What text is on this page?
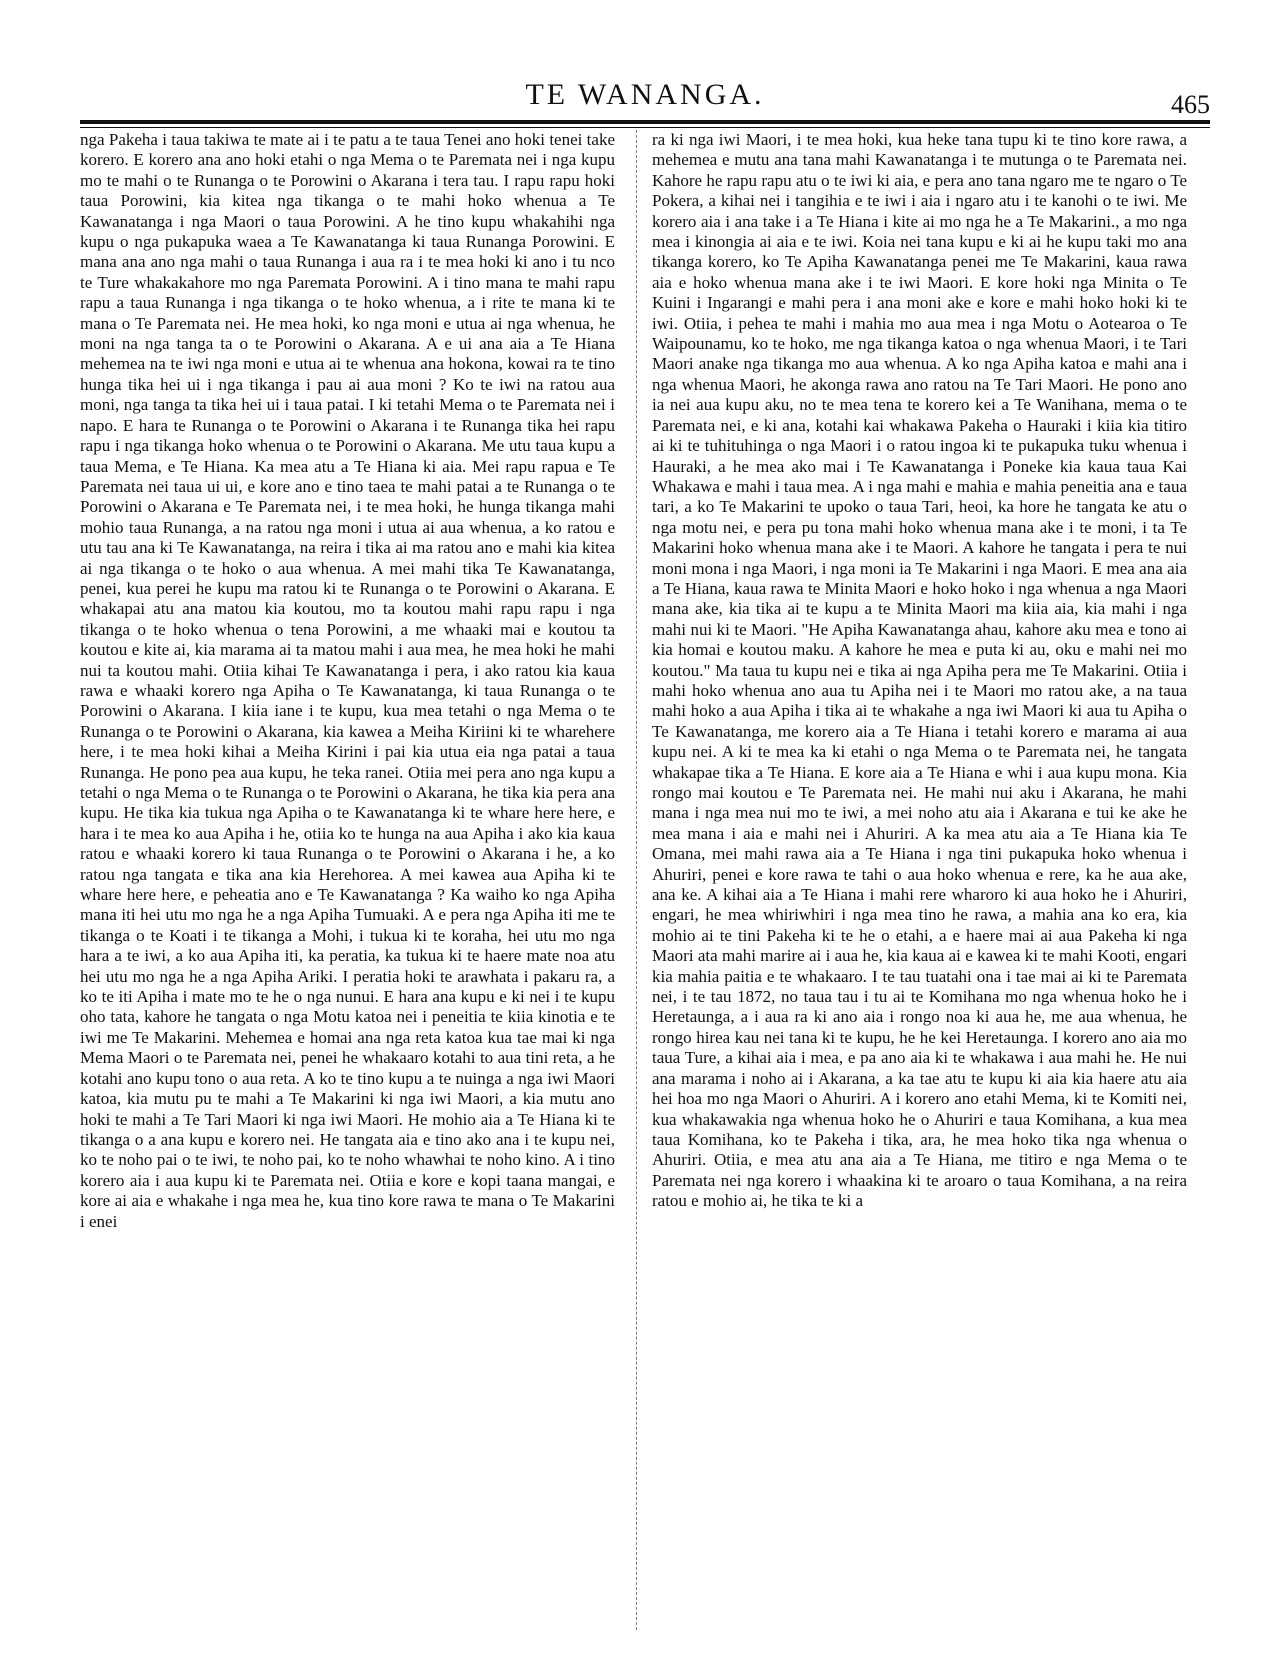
TE WANANGA.	465

nga Pakeha i taua takiwa te mate ai i te patu a te taua Tenei ano hoki tenei take korero. E korero ana ano hoki etahi o nga Mema o te Paremata nei i nga kupu mo te mahi o te Runanga o te Porowini o Akarana i tera tau. I rapu rapu hoki taua Porowini, kia kitea nga tikanga o te mahi hoko whenua a Te Kawanatanga i nga Maori o taua Porowini. A he tino kupu whakahihi nga kupu o nga pukapuka waea a Te Kawanatanga ki taua Runanga Porowini. E mana ana ano nga mahi o taua Runanga i aua ra i te mea hoki ki ano i tu nco te Ture whakakahore mo nga Paremata Porowini. A i tino mana te mahi rapu rapu a taua Runanga i nga tikanga o te hoko whenua, a i rite te mana ki te mana o Te Paremata nei. He mea hoki, ko nga moni e utua ai nga whenua, he moni na nga tanga ta o te Porowini o Akarana. A e ui ana aia a Te Hiana mehemea na te iwi nga moni e utua ai te whenua ana hokona, kowai ra te tino hunga tika hei ui i nga tikanga i pau ai aua moni ? Ko te iwi na ratou aua moni, nga tanga ta tika hei ui i taua patai. I ki tetahi Mema o te Paremata nei i napo. E hara te Runanga o te Porowini o Akarana i te Runanga tika hei rapu rapu i nga tikanga hoko whenua o te Porowini o Akarana. Me utu taua kupu a taua Mema, e Te Hiana. Ka mea atu a Te Hiana ki aia. Mei rapu rapua e Te Paremata nei taua ui ui, e kore ano e tino taea te mahi patai a te Runanga o te Porowini o Akarana e Te Paremata nei, i te mea hoki, he hunga tikanga mahi mohio taua Runanga, a na ratou nga moni i utua ai aua whenua, a ko ratou e utu tau ana ki Te Kawanatanga, na reira i tika ai ma ratou ano e mahi kia kitea ai nga tikanga o te hoko o aua whenua. A mei mahi tika Te Kawanatanga, penei, kua perei he kupu ma ratou ki te Runanga o te Porowini o Akarana. E whakapai atu ana matou kia koutou, mo ta koutou mahi rapu rapu i nga tikanga o te hoko whenua o tena Porowini, a me whaaki mai e koutou ta koutou e kite ai, kia marama ai ta matou mahi i aua mea, he mea hoki he mahi nui ta koutou mahi. Otiia kihai Te Kawanatanga i pera, i ako ratou kia kaua rawa e whaaki korero nga Apiha o Te Kawanatanga, ki taua Runanga o te Porowini o Akarana. I kiia iane i te kupu, kua mea tetahi o nga Mema o te Runanga o te Porowini o Akarana, kia kawea a Meiha Kiriini ki te wharehere here, i te mea hoki kihai a Meiha Kirini i pai kia utua eia nga patai a taua Runanga. He pono pea aua kupu, he teka ranei. Otiia mei pera ano nga kupu a tetahi o nga Mema o te Runanga o te Porowini o Akarana, he tika kia pera ana kupu. He tika kia tukua nga Apiha o te Kawanatanga ki te whare here here, e hara i te mea ko aua Apiha i he, otiia ko te hunga na aua Apiha i ako kia kaua ratou e whaaki korero ki taua Runanga o te Porowini o Akarana i he, a ko ratou nga tangata e tika ana kia Herehorea. A mei kawea aua Apiha ki te whare here here, e peheatia ano e Te Kawanatanga ? Ka waiho ko nga Apiha mana iti hei utu mo nga he a nga Apiha Tumuaki. A e pera nga Apiha iti me te tikanga o te Koati i te tikanga a Mohi, i tukua ki te koraha, hei utu mo nga hara a te iwi, a ko aua Apiha iti, ka peratia, ka tukua ki te haere mate noa atu hei utu mo nga he a nga Apiha Ariki. I peratia hoki te arawhata i pakaru ra, a ko te iti Apiha i mate mo te he o nga nunui. E hara ana kupu e ki nei i te kupu oho tata, kahore he tangata o nga Motu katoa nei i peneitia te kiia kinotia e te iwi me Te Makarini. Mehemea e homai ana nga reta katoa kua tae mai ki nga Mema Maori o te Paremata nei, penei he whakaaro kotahi to aua tini reta, a he kotahi ano kupu tono o aua reta. A ko te tino kupu a te nuinga a nga iwi Maori katoa, kia mutu pu te mahi a Te Makarini ki nga iwi Maori, a kia mutu ano hoki te mahi a Te Tari Maori ki nga iwi Maori. He mohio aia a Te Hiana ki te tikanga o a ana kupu e korero nei. He tangata aia e tino ako ana i te kupu nei, ko te noho pai o te iwi, te noho pai, ko te noho whawhai te noho kino. A i tino korero aia i aua kupu ki te Paremata nei. Otiia e kore e kopi taana mangai, e kore ai aia e whakahe i nga mea he, kua tino kore rawa te mana o Te Makarini i enei

ra ki nga iwi Maori, i te mea hoki, kua heke tana tupu ki te tino kore rawa, a mehemea e mutu ana tana mahi Kawanatanga i te mutunga o te Paremata nei. Kahore he rapu rapu atu o te iwi ki aia, e pera ano tana ngaro me te ngaro o Te Pokera, a kihai nei i tangihia e te iwi i aia i ngaro atu i te kanohi o te iwi. Me korero aia i ana take i a Te Hiana i kite ai mo nga he a Te Makarini., a mo nga mea i kinongia ai aia e te iwi. Koia nei tana kupu e ki ai he kupu taki mo ana tikanga korero, ko Te Apiha Kawanatanga penei me Te Makarini, kaua rawa aia e hoko whenua mana ake i te iwi Maori. E kore hoki nga Minita o Te Kuini i Ingarangi e mahi pera i ana moni ake e kore e mahi hoko hoki ki te iwi. Otiia, i pehea te mahi i mahia mo aua mea i nga Motu o Aotearoa o Te Waipounamu, ko te hoko, me nga tikanga katoa o nga whenua Maori, i te Tari Maori anake nga tikanga mo aua whenua. A ko nga Apiha katoa e mahi ana i nga whenua Maori, he akonga rawa ano ratou na Te Tari Maori. He pono ano ia nei aua kupu aku, no te mea tena te korero kei a Te Wanihana, mema o te Paremata nei, e ki ana, kotahi kai whakawa Pakeha o Hauraki i kiia kia titiro ai ki te tuhituhinga o nga Maori i o ratou ingoa ki te pukapuka tuku whenua i Hauraki, a he mea ako mai i Te Kawanatanga i Poneke kia kaua taua Kai Whakawa e mahi i taua mea. A i nga mahi e mahia e mahia peneitia ana e taua tari, a ko Te Makarini te upoko o taua Tari, heoi, ka hore he tangata ke atu o nga motu nei, e pera pu tona mahi hoko whenua mana ake i te moni, i ta Te Makarini hoko whenua mana ake i te Maori. A kahore he tangata i pera te nui moni mona i nga Maori, i nga moni ia Te Makarini i nga Maori. E mea ana aia a Te Hiana, kaua rawa te Minita Maori e hoko hoko i nga whenua a nga Maori mana ake, kia tika ai te kupu a te Minita Maori ma kiia aia, kia mahi i nga mahi nui ki te Maori. "He Apiha Kawanatanga ahau, kahore aku mea e tono ai kia homai e koutou maku. A kahore he mea e puta ki au, oku e mahi nei mo koutou." Ma taua tu kupu nei e tika ai nga Apiha pera me Te Makarini. Otiia i mahi hoko whenua ano aua tu Apiha nei i te Maori mo ratou ake, a na taua mahi hoko a aua Apiha i tika ai te whakahe a nga iwi Maori ki aua tu Apiha o Te Kawanatanga, me korero aia a Te Hiana i tetahi korero e marama ai aua kupu nei. A ki te mea ka ki etahi o nga Mema o te Paremata nei, he tangata whakapae tika a Te Hiana. E kore aia a Te Hiana e whi i aua kupu mona. Kia rongo mai koutou e Te Paremata nei. He mahi nui aku i Akarana, he mahi mana i nga mea nui mo te iwi, a mei noho atu aia i Akarana e tui ke ake he mea mana i aia e mahi nei i Ahuriri. A ka mea atu aia a Te Hiana kia Te Omana, mei mahi rawa aia a Te Hiana i nga tini pukapuka hoko whenua i Ahuriri, penei e kore rawa te tahi o aua hoko whenua e rere, ka he aua ake, ana ke. A kihai aia a Te Hiana i mahi rere wharoro ki aua hoko he i Ahuriri, engari, he mea whiriwhiri i nga mea tino he rawa, a mahia ana ko era, kia mohio ai te tini Pakeha ki te he o etahi, a e haere mai ai aua Pakeha ki nga Maori ata mahi marire ai i aua he, kia kaua ai e kawea ki te mahi Kooti, engari kia mahia paitia e te whakaaro. I te tau tuatahi ona i tae mai ai ki te Paremata nei, i te tau 1872, no taua tau i tu ai te Komihana mo nga whenua hoko he i Heretaunga, a i aua ra ki ano aia i rongo noa ki aua he, me aua whenua, he rongo hirea kau nei tana ki te kupu, he he kei Heretaunga. I korero ano aia mo taua Ture, a kihai aia i mea, e pa ano aia ki te whakawa i aua mahi he. He nui ana marama i noho ai i Akarana, a ka tae atu te kupu ki aia kia haere atu aia hei hoa mo nga Maori o Ahuriri. A i korero ano etahi Mema, ki te Komiti nei, kua whakawakia nga whenua hoko he o Ahuriri e taua Komihana, a kua mea taua Komihana, ko te Pakeha i tika, ara, he mea hoko tika nga whenua o Ahuriri. Otiia, e mea atu ana aia a Te Hiana, me titiro e nga Mema o te Paremata nei nga korero i whaakina ki te aroaro o taua Komihana, a na reira ratou e mohio ai, he tika te ki a
